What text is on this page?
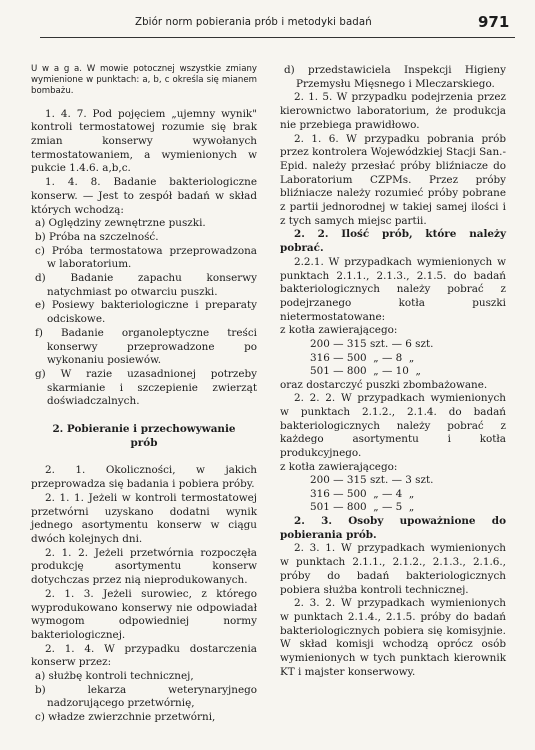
Zbiór norm pobierania prób i metodyki badań	971

U w a g a. W mowie potocznej wszystkie zmiany wymienione w punktach: a, b, c określa się mianem bombażu.

1. 4. 7. Pod pojęciem „ujemny wynik" kontroli termostatowej rozumie się brak zmian konserwy wywołanych termostatowaniem, a wymienionych w pukcie 1.4.6. a,b,c.

1. 4. 8. Badanie bakteriologiczne konserw. — Jest to zespół badań w skład których wchodzą:

a) Oględziny zewnętrzne puszki.

b) Próba na szczelność.

c) Próba termostatowa przeprowadzona w laboratorium.

d) Badanie zapachu konserwy natychmiast po otwarciu puszki.

e) Posiewy bakteriologiczne i preparaty odciskowe.

f) Badanie organoleptyczne treści konserwy przeprowadzone po wykonaniu posiewów.

g) W razie uzasadnionej potrzeby skarmianie i szczepienie zwierząt doświadczalnych.

2. Pobieranie i przechowywanie
prób

2. 1. Okoliczności, w jakich przeprowadza się badania i pobiera próby.

2. 1. 1. Jeżeli w kontroli termostatowej przetwórni uzyskano dodatni wynik jednego asortymentu konserw w ciągu dwóch kolejnych dni.

2. 1. 2. Jeżeli przetwórnia rozpoczęła produkcję asortymentu konserw dotychczas przez nią nieprodukowanych.

2. 1. 3. Jeżeli surowiec, z którego wyprodukowano konserwy nie odpowiadał wymogom odpowiedniej normy bakteriologicznej.

2. 1. 4. W przypadku dostarczenia konserw przez:

a) służbę kontroli technicznej,

b) lekarza weterynaryjnego nadzorującego przetwórnię,

c) władze zwierzchnie przetwórni,

d) przedstawiciela Inspekcji Higieny Przemysłu Mięsnego i Mleczarskiego.

2. 1. 5. W przypadku podejrzenia przez kierownictwo laboratorium, że produkcja nie przebiega prawidłowo.

2. 1. 6. W przypadku pobrania prób przez kontrolera Wojewódzkiej Stacji San.-Epid. należy przesłać próby bliźniacze do Laboratorium CZPMs. Przez próby bliźniacze należy rozumieć próby pobrane z partii jednorodnej w takiej samej ilości i z tych samych miejsc partii.

2. 2. Ilość prób, które należy pobrać.

2.2.1. W przypadkach wymienionych w punktach 2.1.1., 2.1.3., 2.1.5. do badań bakteriologicznych należy pobrać z podejrzanego kotła puszki nietermostatowane:

z kotła zawierającego:

200 — 315 szt.
— 6 szt.
316 — 500  „
— 8  „
501 — 800  „
— 10  „

oraz dostarczyć puszki zbombażowane.

2. 2. 2. W przypadkach wymienionych w punktach 2.1.2., 2.1.4. do badań bakteriologicznych należy pobrać z każdego asortymentu i kotła produkcyjnego.

z kotła zawierającego:

200 — 315 szt.
— 3 szt.
316 — 500  „
— 4  „
501 — 800  „
— 5  „

2. 3. Osoby upoważnione do pobierania prób.

2. 3. 1. W przypadkach wymienionych w punktach 2.1.1., 2.1.2., 2.1.3., 2.1.6., próby do badań bakteriologicznych pobiera służba kontroli technicznej.

2. 3. 2. W przypadkach wymienionych w punktach 2.1.4., 2.1.5. próby do badań bakteriologicznych pobiera się komisyjnie. W skład komisji wchodzą oprócz osób wymienionych w tych punktach kierownik KT i majster konserwowy.
